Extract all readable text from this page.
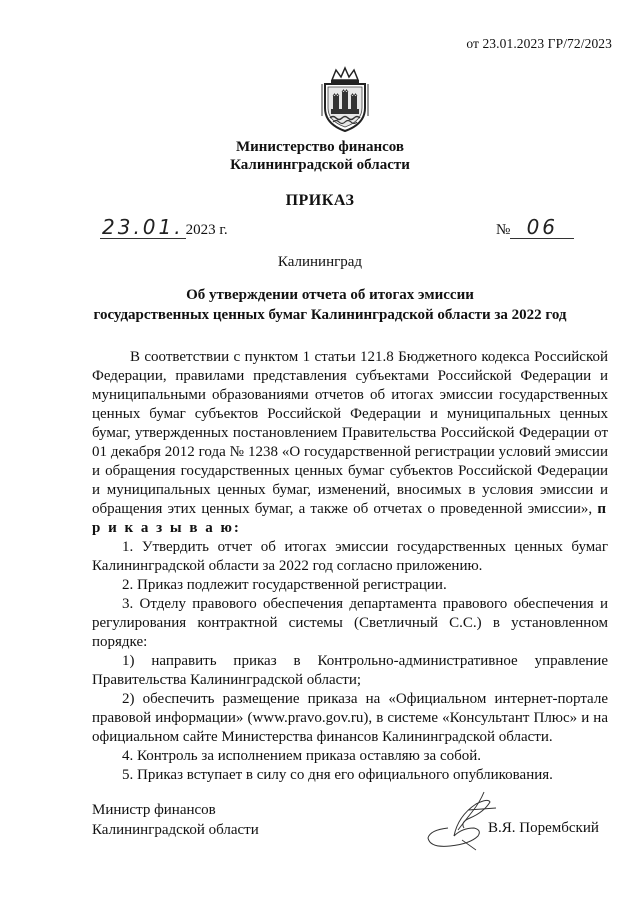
от 23.01.2023 ГР/72/2023
Министерство финансов
Калининградской области
ПРИКАЗ
23.01. 2023 г.	№ 06
Калининград
Об утверждении отчета об итогах эмиссии
государственных ценных бумаг Калининградской области за 2022 год

В соответствии с пунктом 1 статьи 121.8 Бюджетного кодекса Российской Федерации, правилами представления субъектами Российской Федерации и муниципальными образованиями отчетов об итогах эмиссии государственных ценных бумаг субъектов Российской Федерации и муниципальных ценных бумаг, утвержденных постановлением Правительства Российской Федерации от 01 декабря 2012 года № 1238 «О государственной регистрации условий эмиссии и обращения государственных ценных бумаг субъектов Российской Федерации и муниципальных ценных бумаг, изменений, вносимых в условия эмиссии и обращения этих ценных бумаг, а также об отчетах о проведенной эмиссии», п р и к а з ы в а ю:

1. Утвердить отчет об итогах эмиссии государственных ценных бумаг Калининградской области за 2022 год согласно приложению.

2. Приказ подлежит государственной регистрации.

3. Отделу правового обеспечения департамента правового обеспечения и регулирования контрактной системы (Светличный С.С.) в установленном порядке:

1) направить приказ в Контрольно-административное управление Правительства Калининградской области;

2) обеспечить размещение приказа на «Официальном интернет-портале правовой информации» (www.pravo.gov.ru), в системе «Консультант Плюс» и на официальном сайте Министерства финансов Калининградской области.

4. Контроль за исполнением приказа оставляю за собой.

5. Приказ вступает в силу со дня его официального опубликования.

Министр финансов
Калининградской области	В.Я. Порембский
